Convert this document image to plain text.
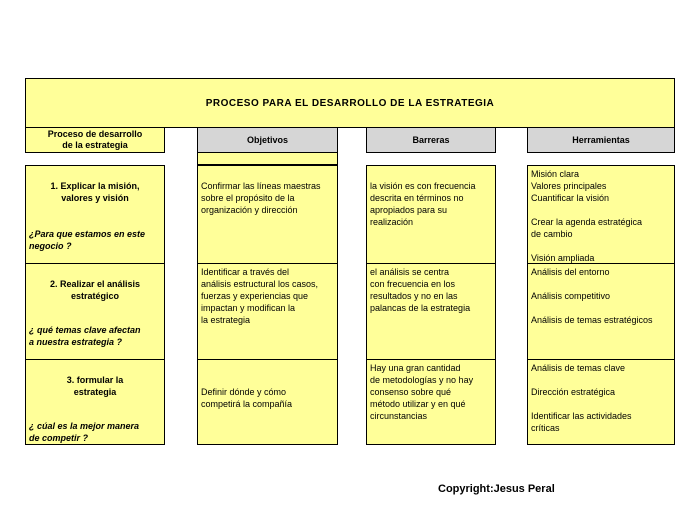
PROCESO PARA EL DESARROLLO DE LA ESTRATEGIA
Proceso de desarrollo
de la estrategia
Objetivos	Barreras	Herramientas

1. Explicar la misión,
valores y visión

¿Para que estamos en este
negocio ?

Confirmar las líneas maestras
sobre el propósito de la
organización y dirección

la visión es con frecuencia
descrita en términos no
apropiados para su
realización
Misión clara
Valores principales
Cuantificar la visión

Crear la agenda estratégica
de cambio

Visión ampliada

2. Realizar el análisis
estratégico

¿ qué temas clave afectan
a nuestra estrategia ?

Identificar a través del
análisis estructural los casos,
fuerzas y experiencias que
impactan y modifican la
la estrategia
el análisis se centra
con frecuencia en los
resultados y no en las
palancas de la estrategia
Análisis del entorno

Análisis competitivo

Análisis de temas estratégicos

3. formular la
estrategia

¿ cúal es la mejor manera
de competir ?

Definir dónde y cómo
competirá la compañía
Hay una gran cantidad
de metodologías y no hay
consenso sobre qué
método utilizar y en qué
circunstancias
Análisis de temas clave

Dirección estratégica

Identificar las actividades
críticas
Copyright:Jesus Peral
